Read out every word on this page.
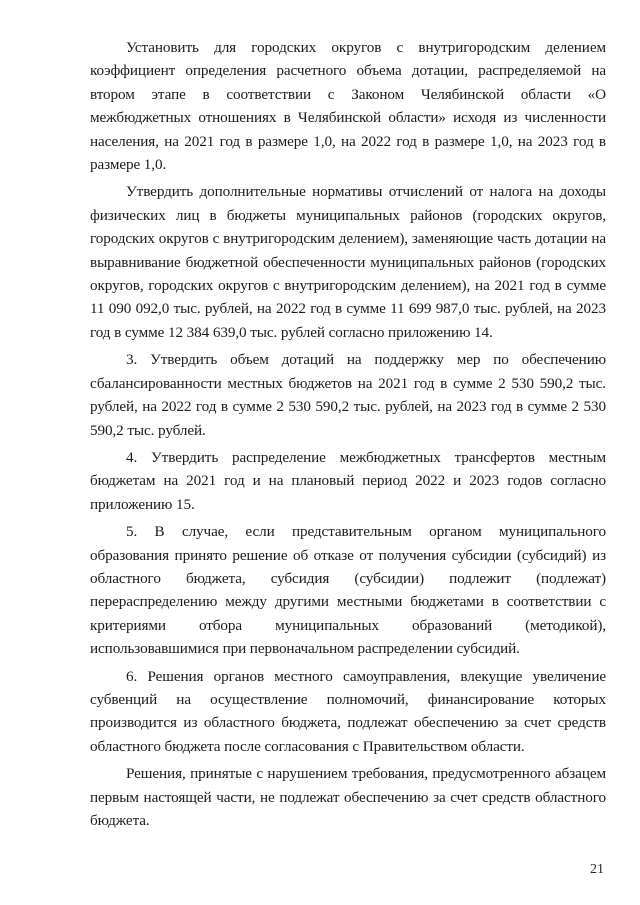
Установить для городских округов с внутригородским делением коэффициент определения расчетного объема дотации, распределяемой на втором этапе в соответствии с Законом Челябинской области «О межбюджетных отношениях в Челябинской области» исходя из численности населения, на 2021 год в размере 1,0, на 2022 год в размере 1,0, на 2023 год в размере 1,0.

Утвердить дополнительные нормативы отчислений от налога на доходы физических лиц в бюджеты муниципальных районов (городских округов, городских округов с внутригородским делением), заменяющие часть дотации на выравнивание бюджетной обеспеченности муниципальных районов (городских округов, городских округов с внутригородским делением), на 2021 год в сумме 11 090 092,0 тыс. рублей, на 2022 год в сумме 11 699 987,0 тыс. рублей, на 2023 год в сумме 12 384 639,0 тыс. рублей согласно приложению 14.

3. Утвердить объем дотаций на поддержку мер по обеспечению сбалансированности местных бюджетов на 2021 год в сумме 2 530 590,2 тыс. рублей, на 2022 год в сумме 2 530 590,2 тыс. рублей, на 2023 год в сумме 2 530 590,2 тыс. рублей.

4. Утвердить распределение межбюджетных трансфертов местным бюджетам на 2021 год и на плановый период 2022 и 2023 годов согласно приложению 15.

5. В случае, если представительным органом муниципального образования принято решение об отказе от получения субсидии (субсидий) из областного бюджета, субсидия (субсидии) подлежит (подлежат) перераспределению между другими местными бюджетами в соответствии с критериями отбора муниципальных образований (методикой), использовавшимися при первоначальном распределении субсидий.

6. Решения органов местного самоуправления, влекущие увеличение субвенций на осуществление полномочий, финансирование которых производится из областного бюджета, подлежат обеспечению за счет средств областного бюджета после согласования с Правительством области.

Решения, принятые с нарушением требования, предусмотренного абзацем первым настоящей части, не подлежат обеспечению за счет средств областного бюджета.

21
